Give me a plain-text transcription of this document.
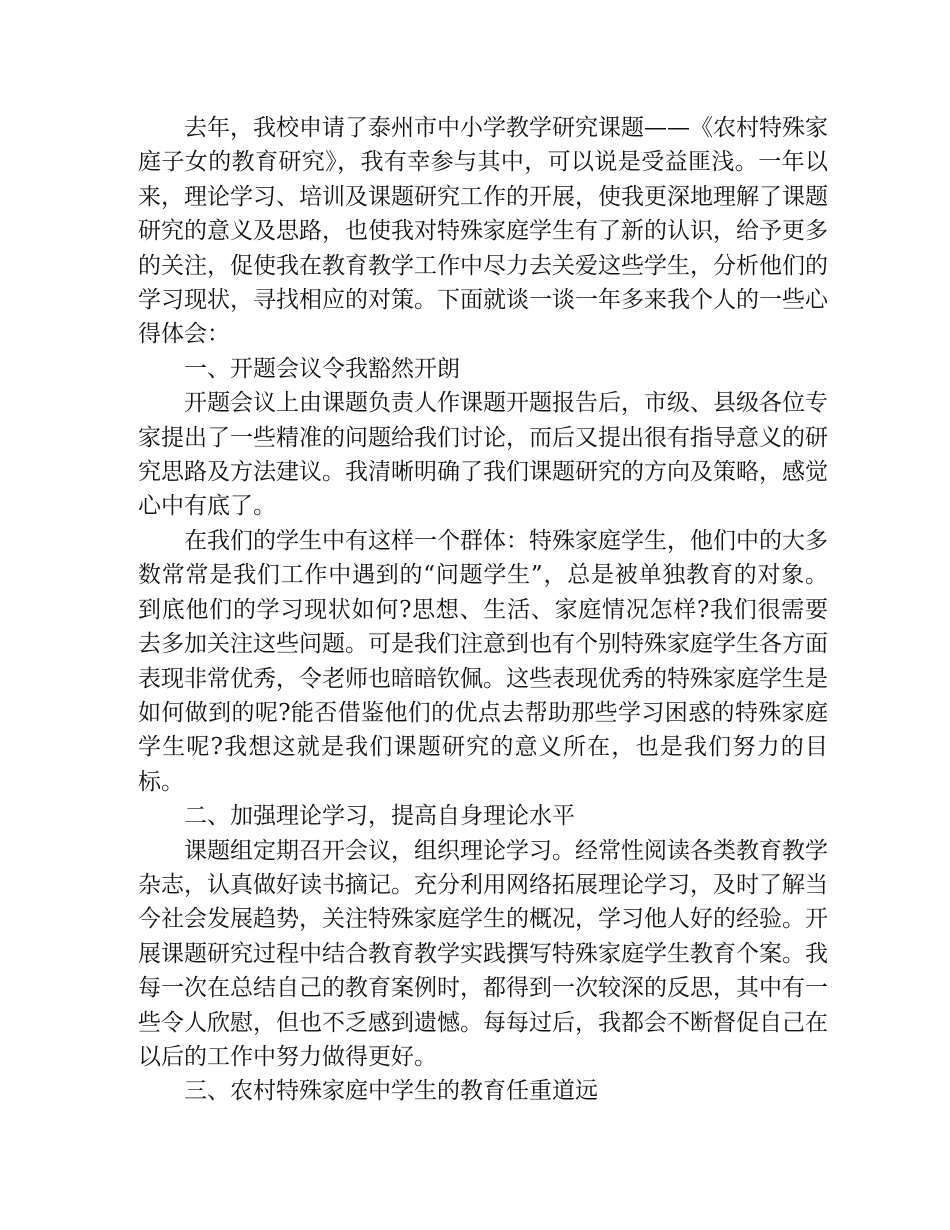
去年，我校申请了泰州市中小学教学研究课题——《农村特殊家庭子女的教育研究》，我有幸参与其中，可以说是受益匪浅。一年以来，理论学习、培训及课题研究工作的开展，使我更深地理解了课题研究的意义及思路，也使我对特殊家庭学生有了新的认识，给予更多的关注，促使我在教育教学工作中尽力去关爱这些学生，分析他们的学习现状，寻找相应的对策。下面就谈一谈一年多来我个人的一些心得体会：

一、开题会议令我豁然开朗

开题会议上由课题负责人作课题开题报告后，市级、县级各位专家提出了一些精准的问题给我们讨论，而后又提出很有指导意义的研究思路及方法建议。我清晰明确了我们课题研究的方向及策略，感觉心中有底了。

在我们的学生中有这样一个群体：特殊家庭学生，他们中的大多数常常是我们工作中遇到的“问题学生”，总是被单独教育的对象。到底他们的学习现状如何?思想、生活、家庭情况怎样?我们很需要去多加关注这些问题。可是我们注意到也有个别特殊家庭学生各方面表现非常优秀，令老师也暗暗钦佩。这些表现优秀的特殊家庭学生是如何做到的呢?能否借鉴他们的优点去帮助那些学习困惑的特殊家庭学生呢?我想这就是我们课题研究的意义所在，也是我们努力的目标。

二、加强理论学习，提高自身理论水平

课题组定期召开会议，组织理论学习。经常性阅读各类教育教学杂志，认真做好读书摘记。充分利用网络拓展理论学习，及时了解当今社会发展趋势，关注特殊家庭学生的概况，学习他人好的经验。开展课题研究过程中结合教育教学实践撰写特殊家庭学生教育个案。我每一次在总结自己的教育案例时，都得到一次较深的反思，其中有一些令人欣慰，但也不乏感到遗憾。每每过后，我都会不断督促自己在以后的工作中努力做得更好。

三、农村特殊家庭中学生的教育任重道远
